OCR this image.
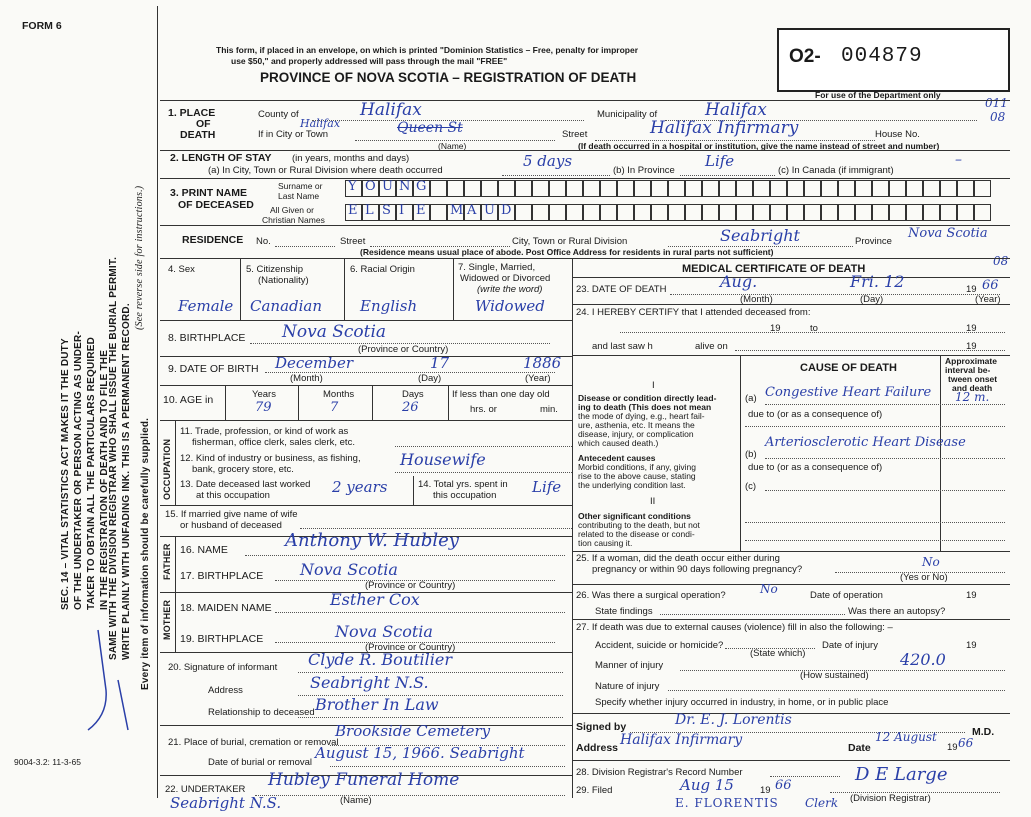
FORM 6
SEC. 14 – VITAL STATISTICS ACT MAKES IT THE DUTY OF THE UNDERTAKER OR PERSON ACTING AS UNDER- TAKER TO OBTAIN ALL THE PARTICULARS REQUIRED IN THE REGISTRATION OF DEATH AND TO FILE THE
SAME WITH THE DIVISION REGISTRAR WHO SHALL ISSUE THE BURIAL PERMIT. WRITE PLAINLY WITH UNFADING INK. THIS IS A PERMANENT RECORD.
(See reverse side for instructions.)
Every item of information should be carefully supplied.
9004-3.2: 11-3-65
This form, if placed in an envelope, on which is printed "Dominion Statistics – Free, penalty for improper
use $50," and properly addressed will pass through the mail "FREE"
PROVINCE OF NOVA SCOTIA – REGISTRATION OF DEATH
O2- 004879
For use of the Department only
011
08
08
1. PLACE
OF
DEATH
County of	Halifax	Municipality of	Halifax
If in City or Town
Halifax	Queen St
(Name)
Street	Halifax Infirmary	House No.
(If death occurred in a hospital or institution, give the name instead of street and number)
2. LENGTH OF STAY (in years, months and days)
(a) In City, Town or Rural Division where death occurred
5 days
(b) In Province
Life
(c) In Canada (if immigrant)
–
3. PRINT NAME
OF DECEASED
Surname or
Last Name
All Given or
Christian Names
Y O U N G
E L S I E M A U D
RESIDENCE No.	Street	City, Town or Rural Division	Seabright	Province
Nova Scotia
(Residence means usual place of abode. Post Office Address for residents in rural parts not sufficient)
4. Sex	5. Citizenship
(Nationality)
6. Racial Origin	7. Single, Married,
Widowed or Divorced
(write the word)
Female Canadian	English	Widowed
8. BIRTHPLACE Nova Scotia
(Province or Country)
9. DATE OF BIRTH December	17	1886
(Month)	(Day)	(Year)
10. AGE in	Years	Months	Days
79	7	26
If less than one day old
hrs. or	min.
OCCUPATION
11. Trade, profession, or kind of work as
fisherman, office clerk, sales clerk, etc.
12. Kind of industry or business, as fishing,
bank, grocery store, etc.
Housewife
13. Date deceased last worked
at this occupation	2 years	14. Total yrs. spent in
this occupation Life
15. If married give name of wife
or husband of deceased
FATHER 16. NAME	Anthony W. Hubley
17. BIRTHPLACE Nova Scotia
(Province or Country)
MOTHER 18. MAIDEN NAME	Esther Cox
19. BIRTHPLACE	Nova Scotia
(Province or Country)
20. Signature of informant Clyde R. Boutilier
Address	Seabright N.S.
Relationship to deceased Brother In Law
21. Place of burial, cremation or removal
Brookside Cemetery
Date of burial or removal
August 15, 1966. Seabright
22. UNDERTAKER Hubley Funeral Home
(Name)
Seabright N.S.
MEDICAL CERTIFICATE OF DEATH
23. DATE OF DEATH	Aug.	Fri. 12	19 66
(Month)	(Day)	(Year)
24. I HEREBY CERTIFY that I attended deceased from:
19	to	19
and last saw h	alive on	19
CAUSE OF DEATH
Approximate
interval be-
tween onset
and death
I
Disease or condition directly lead-
ing to death (This does not mean
the mode of dying, e.g., heart fail-
ure, asthenia, etc. It means the
disease, injury, or complication
which caused death.)
(a) Congestive Heart Failure 12 m.
due to (or as a consequence of)
(b)
Arteriosclerotic Heart Disease
due to (or as a consequence of)
(c)
Antecedent causes
Morbid conditions, if any, giving
rise to the above cause, stating
the underlying condition last.
II
Other significant conditions
contributing to the death, but not
related to the disease or condi-
tion causing it.
25. If a woman, did the death occur either during
pregnancy or within 90 days following pregnancy?
No
(Yes or No)
26. Was there a surgical operation?	No	Date of operation	19
State findings	Was there an autopsy?
27. If death was due to external causes (violence) fill in also the following: –
Accident, suicide or homicide?
(State which)
Date of injury	19
Manner of injury	420.0
(How sustained)
Nature of injury
Specify whether injury occurred in industry, in home, or in public place
Signed by	Dr. E. J. Lorentis
M.D.
Address Halifax Infirmary	Date
12 August
19 66
28. Division Registrar's Record Number	D E Large
29. Filed	Aug 15	19 66
(Division Registrar)
E. FLORENTIS Clerk
